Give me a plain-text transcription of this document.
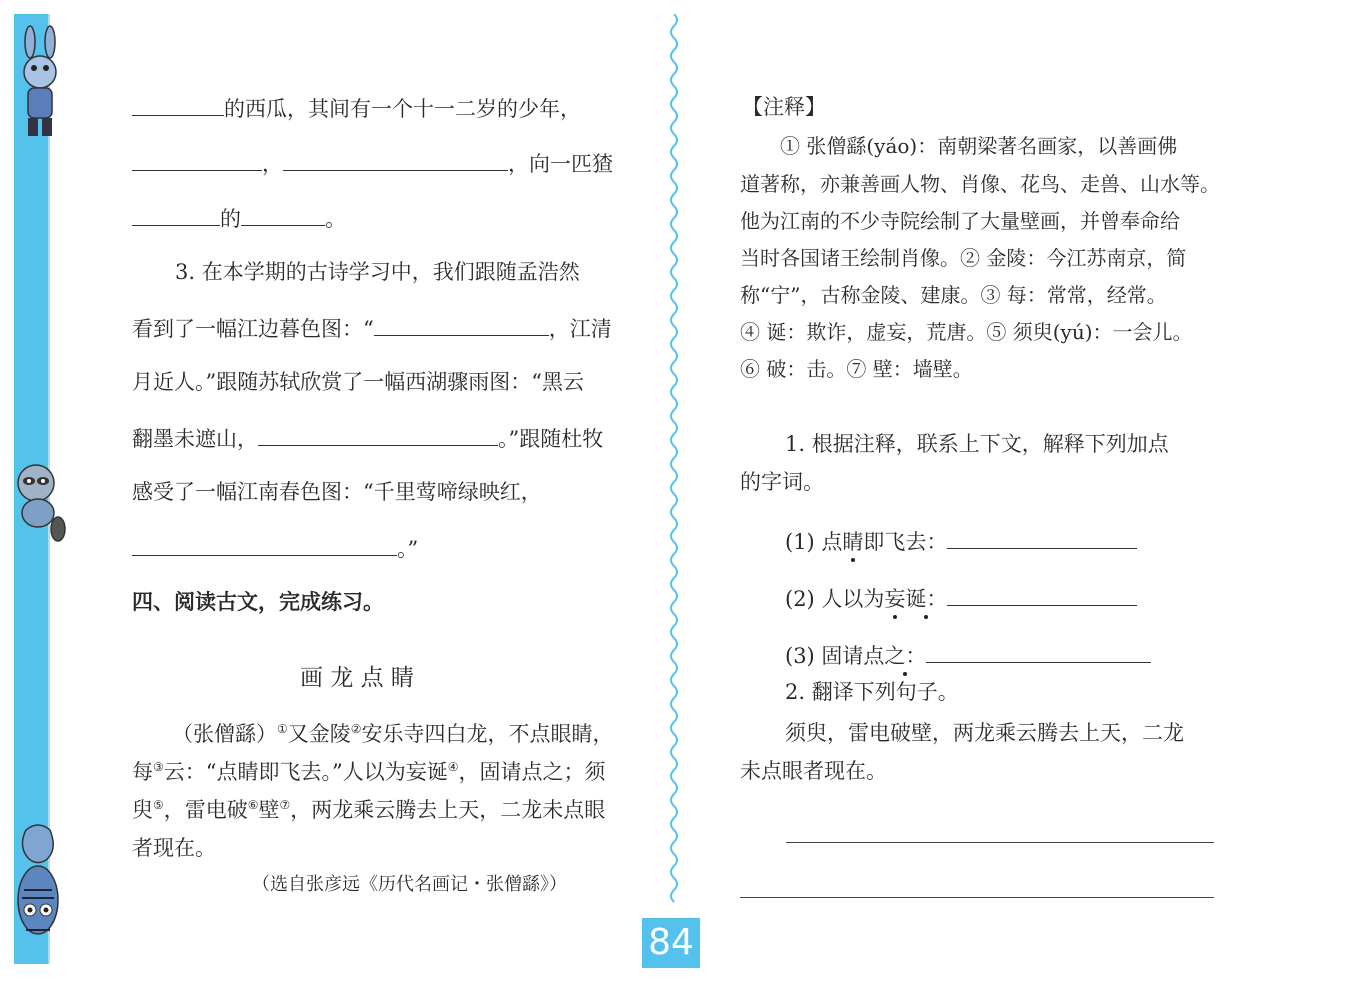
84
的西瓜，其间有一个十一二岁的少年，
，	，向一匹猹
的	。
3. 在本学期的古诗学习中，我们跟随孟浩然
看到了一幅江边暮色图：“	，江清
月近人。”跟随苏轼欣赏了一幅西湖骤雨图：“黑云
翻墨未遮山，	。”跟随杜牧
感受了一幅江南春色图：“千里莺啼绿映红，
。”
四、阅读古文，完成练习。
画 龙 点 睛
（张僧繇）①又金陵②安乐寺四白龙，不点眼睛，
每③云：“点睛即飞去。”人以为妄诞④，固请点之；须
臾⑤，雷电破⑥壁⑦，两龙乘云腾去上天，二龙未点眼
者现在。
（选自张彦远《历代名画记・张僧繇》）
【注释】
① 张僧繇(yáo)：南朝梁著名画家，以善画佛
道著称，亦兼善画人物、肖像、花鸟、走兽、山水等。
他为江南的不少寺院绘制了大量壁画，并曾奉命给
当时各国诸王绘制肖像。② 金陵：今江苏南京，简
称“宁”，古称金陵、建康。③ 每：常常，经常。
④ 诞：欺诈，虚妄，荒唐。⑤ 须臾(yú)：一会儿。
⑥ 破：击。⑦ 壁：墙壁。
1. 根据注释，联系上下文，解释下列加点
的字词。
(1) 点睛即飞去：
(2) 人以为妄诞：
(3) 固请点之：
2. 翻译下列句子。
须臾，雷电破壁，两龙乘云腾去上天，二龙
未点眼者现在。
